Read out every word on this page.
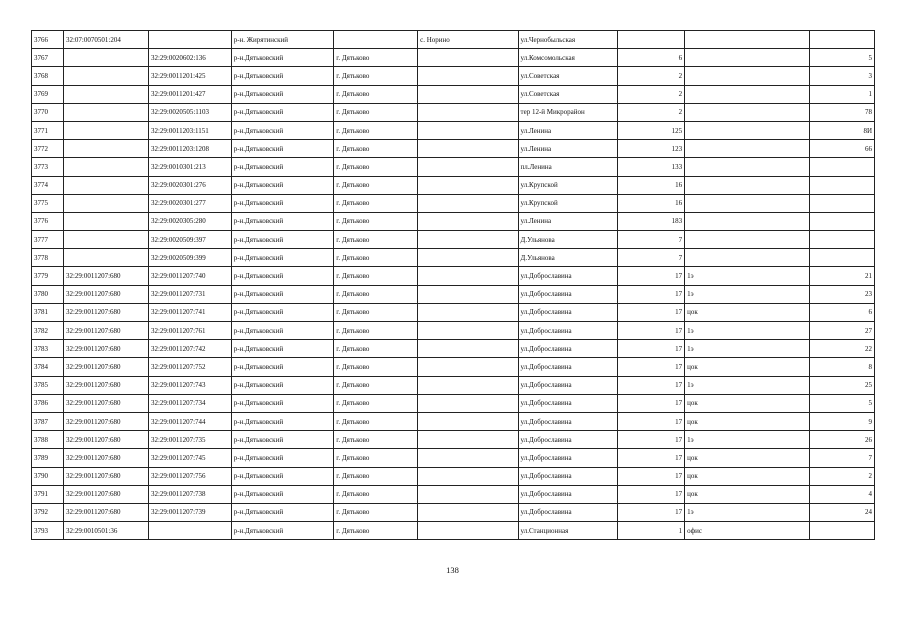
3766	32:07:0070501:204		р-н. Жирятинский		с. Норино	ул.Чернобыльская			
3767		32:29:0020602:136	р-н.Дятьковский	г. Дятьково		ул.Комсомольская	6		5
3768		32:29:0011201:425	р-н.Дятьковский	г. Дятьково		ул.Советская	2		3
3769		32:29:0011201:427	р-н.Дятьковский	г. Дятьково		ул.Советская	2		1
3770		32:29:0020505:1103	р-н.Дятьковский	г. Дятьково		тер 12-й Микрорайон	2		78
3771		32:29:0011203:1151	р-н.Дятьковский	г. Дятьково		ул.Ленина	125		8И
3772		32:29:0011203:1208	р-н.Дятьковский	г. Дятьково		ул.Ленина	123		66
3773		32:29:0010301:213	р-н.Дятьковский	г. Дятьково		пл.Ленина	133		
3774		32:29:0020301:276	р-н.Дятьковский	г. Дятьково		ул.Крупской	16		
3775		32:29:0020301:277	р-н.Дятьковский	г. Дятьково		ул.Крупской	16		
3776		32:29:0020305:280	р-н.Дятьковский	г. Дятьково		ул.Ленина	183		
3777		32:29:0020509:397	р-н.Дятьковский	г. Дятьково		Д.Ульянова	7		
3778		32:29:0020509:399	р-н.Дятьковский	г. Дятьково		Д.Ульянова	7		
3779	32:29:0011207:680	32:29:0011207:740	р-н.Дятьковский	г. Дятьково		ул.Доброславина	17	1э	21
3780	32:29:0011207:680	32:29:0011207:731	р-н.Дятьковский	г. Дятьково		ул.Доброславина	17	1э	23
3781	32:29:0011207:680	32:29:0011207:741	р-н.Дятьковский	г. Дятьково		ул.Доброславина	17	цок	6
3782	32:29:0011207:680	32:29:0011207:761	р-н.Дятьковский	г. Дятьково		ул.Доброславина	17	1э	27
3783	32:29:0011207:680	32:29:0011207:742	р-н.Дятьковский	г. Дятьково		ул.Доброславина	17	1э	22
3784	32:29:0011207:680	32:29:0011207:752	р-н.Дятьковский	г. Дятьково		ул.Доброславина	17	цок	8
3785	32:29:0011207:680	32:29:0011207:743	р-н.Дятьковский	г. Дятьково		ул.Доброславина	17	1э	25
3786	32:29:0011207:680	32:29:0011207:734	р-н.Дятьковский	г. Дятьково		ул.Доброславина	17	цок	5
3787	32:29:0011207:680	32:29:0011207:744	р-н.Дятьковский	г. Дятьково		ул.Доброславина	17	цок	9
3788	32:29:0011207:680	32:29:0011207:735	р-н.Дятьковский	г. Дятьково		ул.Доброславина	17	1э	26
3789	32:29:0011207:680	32:29:0011207:745	р-н.Дятьковский	г. Дятьково		ул.Доброславина	17	цок	7
3790	32:29:0011207:680	32:29:0011207:756	р-н.Дятьковский	г. Дятьково		ул.Доброславина	17	цок	2
3791	32:29:0011207:680	32:29:0011207:738	р-н.Дятьковский	г. Дятьково		ул.Доброславина	17	цок	4
3792	32:29:0011207:680	32:29:0011207:739	р-н.Дятьковский	г. Дятьково		ул.Доброславина	17	1э	24
3793	32:29:0010501:36		р-н.Дятьковский	г. Дятьково		ул.Станционная	1	офис	
138
